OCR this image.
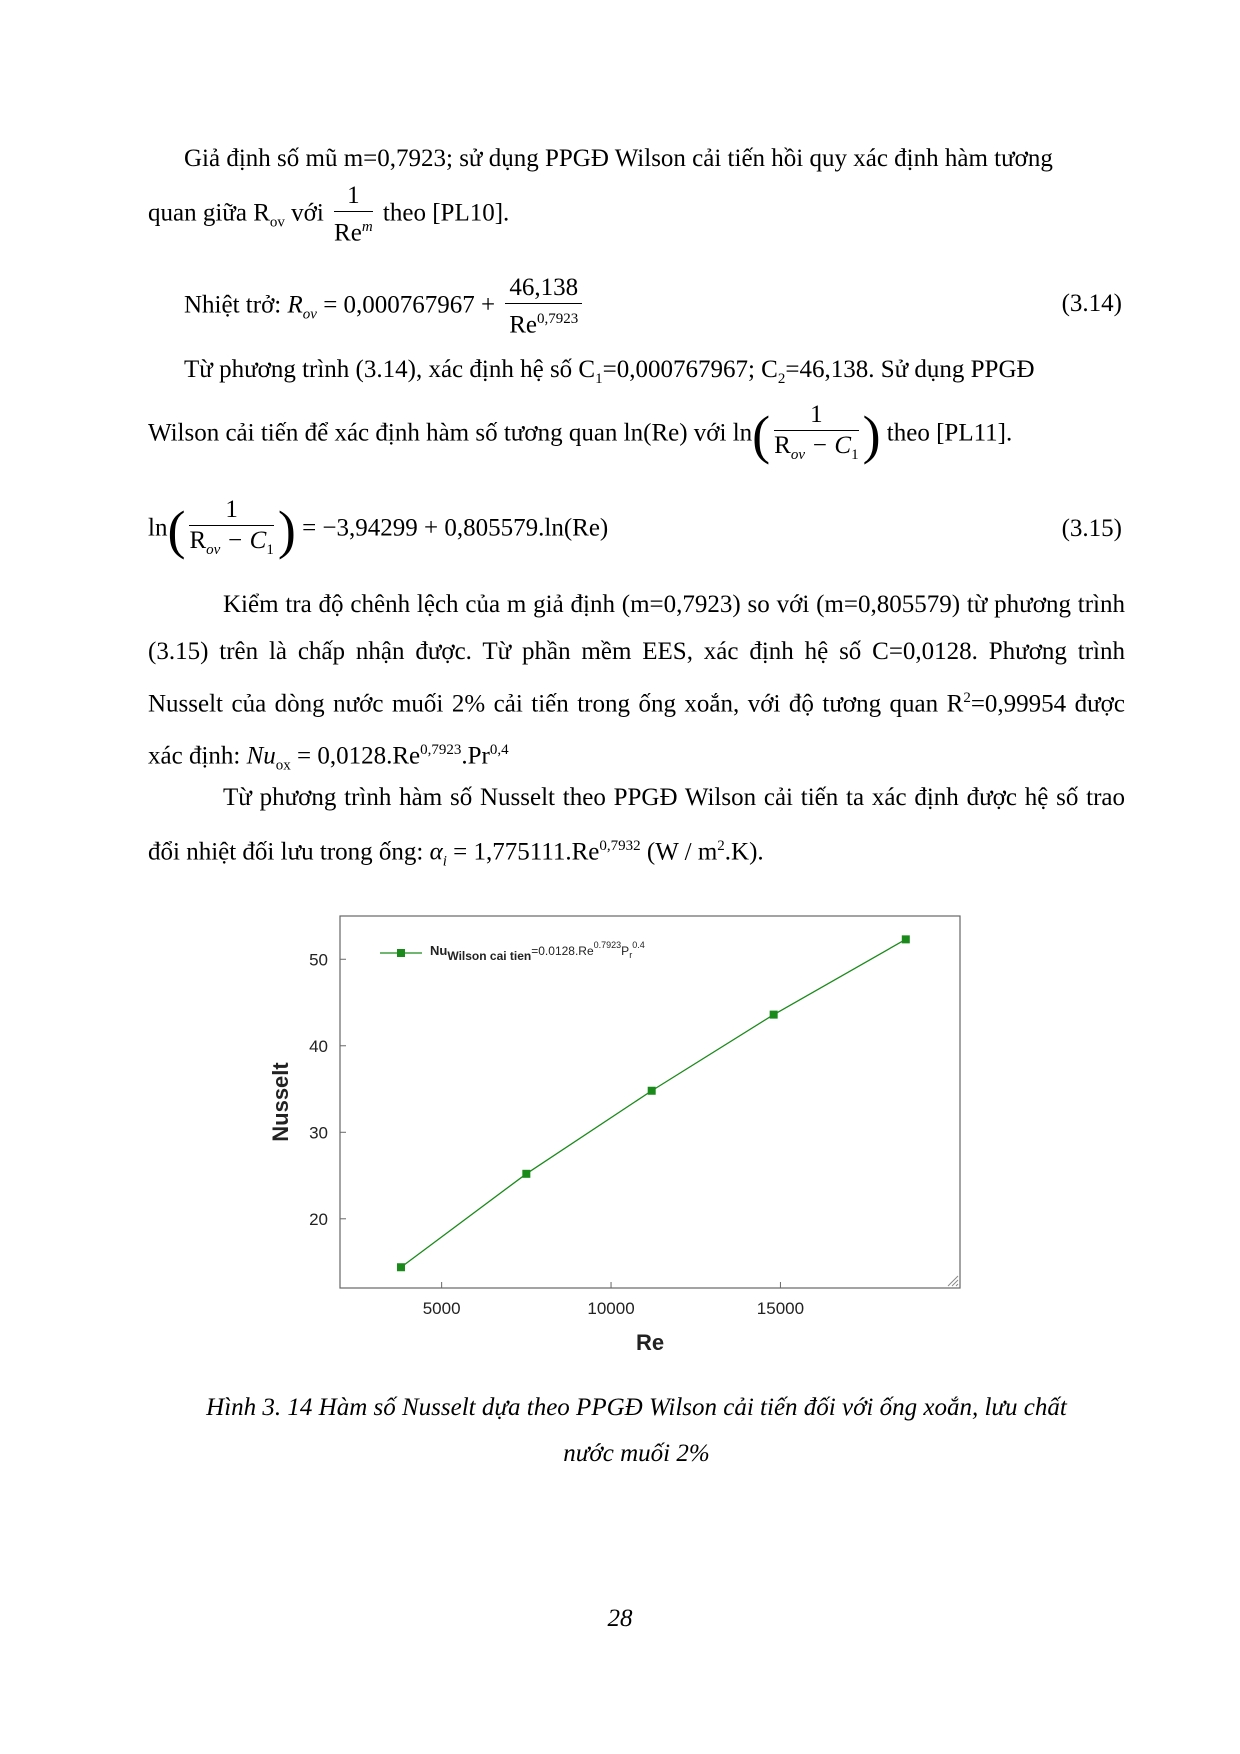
Giả định số mũ m=0,7923; sử dụng PPGĐ Wilson cải tiến hồi quy xác định hàm tương
quan giữa $R_{ov}$ với $\frac{1}{Re^m}$ theo [PL10].
Nhiệt trở: $R_{ov} = 0,000767967 + \frac{46,138}{Re^{0,7923}}$	(3.14)
Từ phương trình (3.14), xác định hệ số $C_1=0,000767967$; $C_2=46,138$. Sử dụng PPGĐ
Wilson cải tiến để xác định hàm số tương quan ln(Re) với $\ln( \frac{1}{R_{ov} - C_1}$ ) theo [PL11].
$\ln( \frac{1}{R_{ov} - C_1}$ ) = −3,94299 + 0,805579.ln(Re)	(3.15)

Kiểm tra độ chênh lệch của m giả định (m=0,7923) so với (m=0,805579) từ phương trình (3.15) trên là chấp nhận được. Từ phần mềm EES, xác định hệ số C=0,0128. Phương trình Nusselt của dòng nước muối 2% cải tiến trong ống xoắn, với độ tương quan $R^2=0,99954$ được xác định: $Nu_{ox} = 0,0128.Re^{0,7923}.Pr^{0,4}$

Từ phương trình hàm số Nusselt theo PPGĐ Wilson cải tiến ta xác định được hệ số trao đổi nhiệt đối lưu trong ống: $\alpha_i = 1,775111.Re^{0,7932}$ $(W / m^2.K)$.

5000	10000	15000
20
30
40
50	NuWilson cai $tien=0.0128.Re^{0.7923}P_r^{0.4}$
Re
Nusselt
Hình 3. 14 Hàm số Nusselt dựa theo PPGĐ Wilson cải tiến đối với ống xoắn, lưu chất
nước muối 2%
28
